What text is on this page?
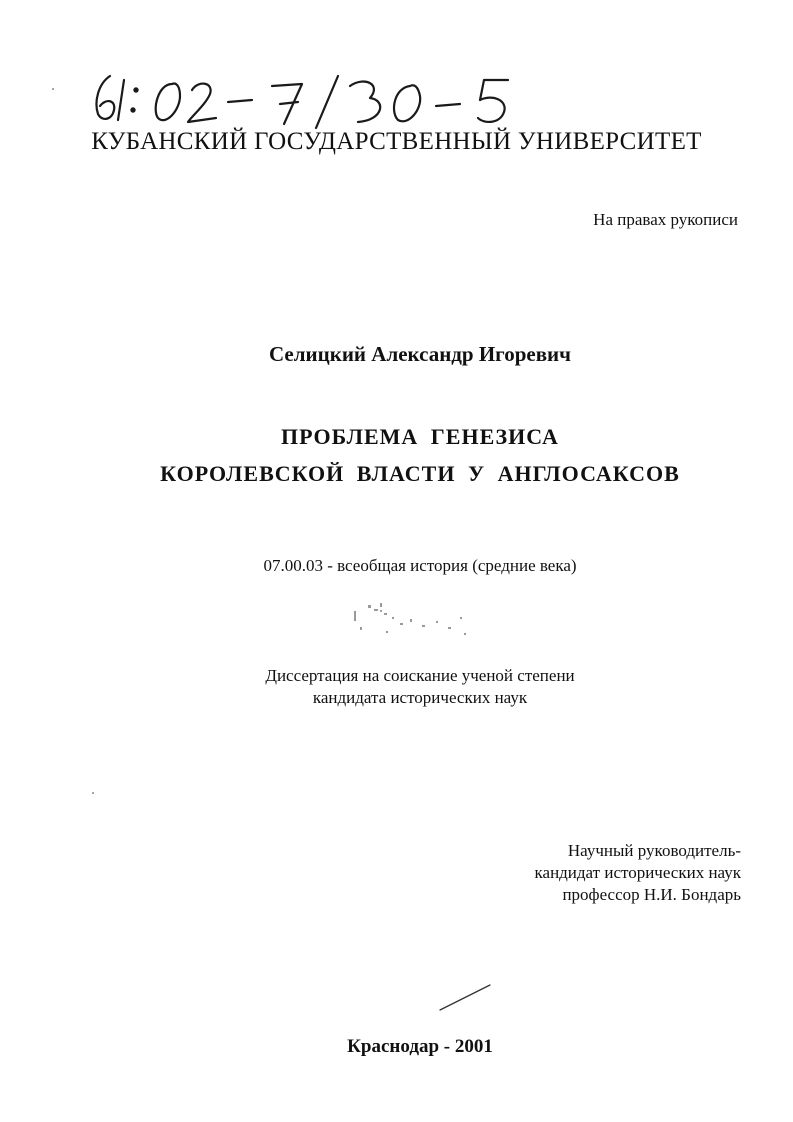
КУБАНСКИЙ ГОСУДАРСТВЕННЫЙ УНИВЕРСИТЕТ
На правах рукописи
Селицкий Александр Игоревич
ПРОБЛЕМА ГЕНЕЗИСА
КОРОЛЕВСКОЙ ВЛАСТИ У АНГЛОСАКСОВ
07.00.03 - всеобщая история (средние века)
Диссертация на соискание ученой степени
кандидата исторических наук
Научный руководитель-
кандидат исторических наук
профессор Н.И. Бондарь
Краснодар - 2001
